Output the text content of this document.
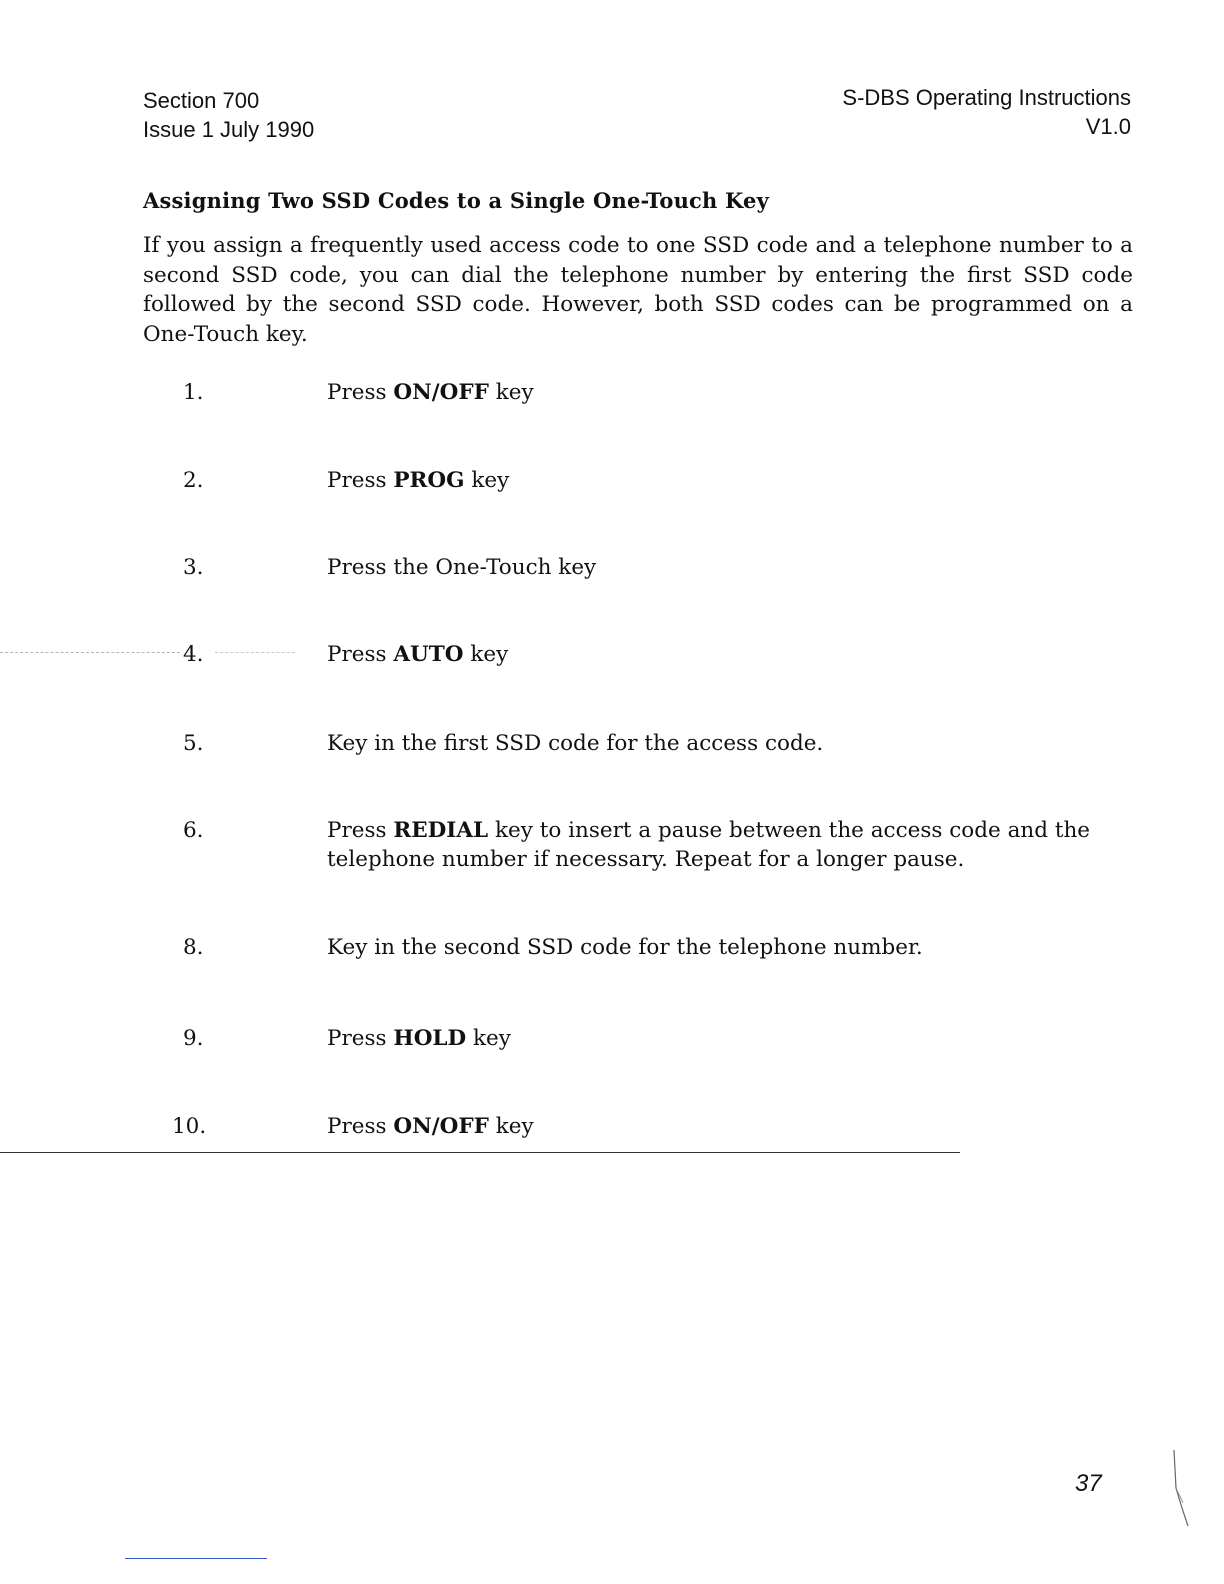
Section 700
Issue 1 July 1990
S-DBS Operating Instructions
V1.0
Assigning Two SSD Codes to a Single One-Touch Key

If you assign a frequently used access code to one SSD code and a telephone number to a second SSD code, you can dial the telephone number by entering the first SSD code followed by the second SSD code. However, both SSD codes can be programmed on a One-Touch key.

1.	Press ON/OFF key
2.	Press PROG key
3.	Press the One-Touch key
4.	Press AUTO key
5.	Key in the first SSD code for the access code.
6.	Press REDIAL key to insert a pause between the access code and the telephone number if necessary. Repeat for a longer pause.
8.	Key in the second SSD code for the telephone number.
9.	Press HOLD key
10.	Press ON/OFF key
37
